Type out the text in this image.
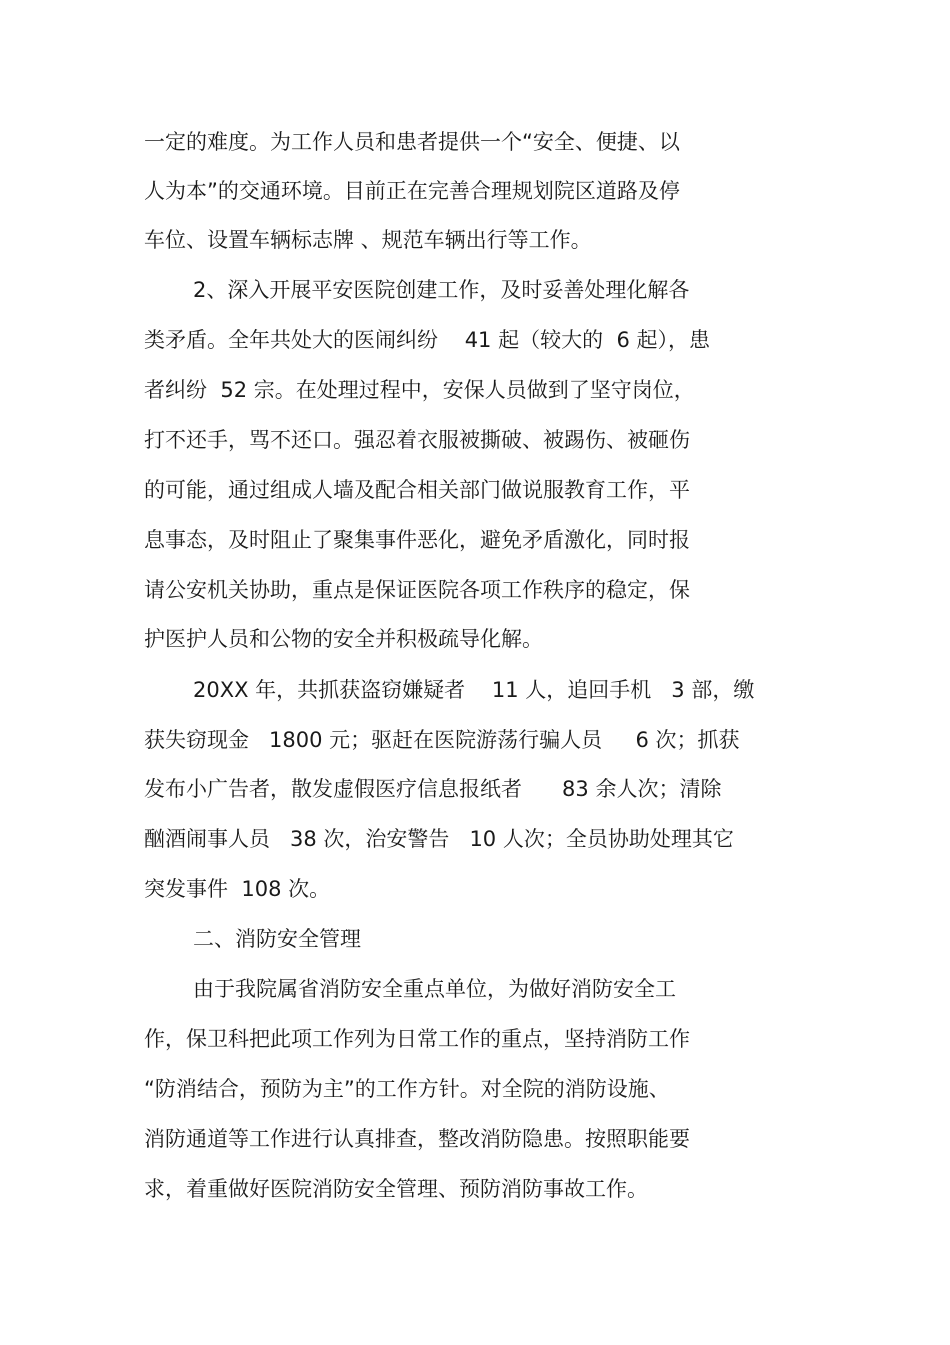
一定的难度。为工作人员和患者提供一个“安全、便捷、以

人为本”的交通环境。目前正在完善合理规划院区道路及停

车位、设置车辆标志牌 、规范车辆出行等工作。

2、深入开展平安医院创建工作，及时妥善处理化解各

类矛盾。全年共处大的医闹纠纷    41 起（较大的  6 起），患

者纠纷  52 宗。在处理过程中，安保人员做到了坚守岗位，

打不还手，骂不还口。强忍着衣服被撕破、被踢伤、被砸伤

的可能，通过组成人墙及配合相关部门做说服教育工作，平

息事态，及时阻止了聚集事件恶化，避免矛盾激化，同时报

请公安机关协助，重点是保证医院各项工作秩序的稳定，保

护医护人员和公物的安全并积极疏导化解。

20XX 年，共抓获盗窃嫌疑者    11 人，追回手机   3 部，缴

获失窃现金   1800 元；驱赶在医院游荡行骗人员     6 次；抓获

发布小广告者，散发虚假医疗信息报纸者      83 余人次；清除

酗酒闹事人员   38 次，治安警告   10 人次；全员协助处理其它

突发事件  108 次。

二、消防安全管理

由于我院属省消防安全重点单位，为做好消防安全工

作，保卫科把此项工作列为日常工作的重点，坚持消防工作

“防消结合，预防为主”的工作方针。对全院的消防设施、

消防通道等工作进行认真排查，整改消防隐患。按照职能要

求，着重做好医院消防安全管理、预防消防事故工作。
